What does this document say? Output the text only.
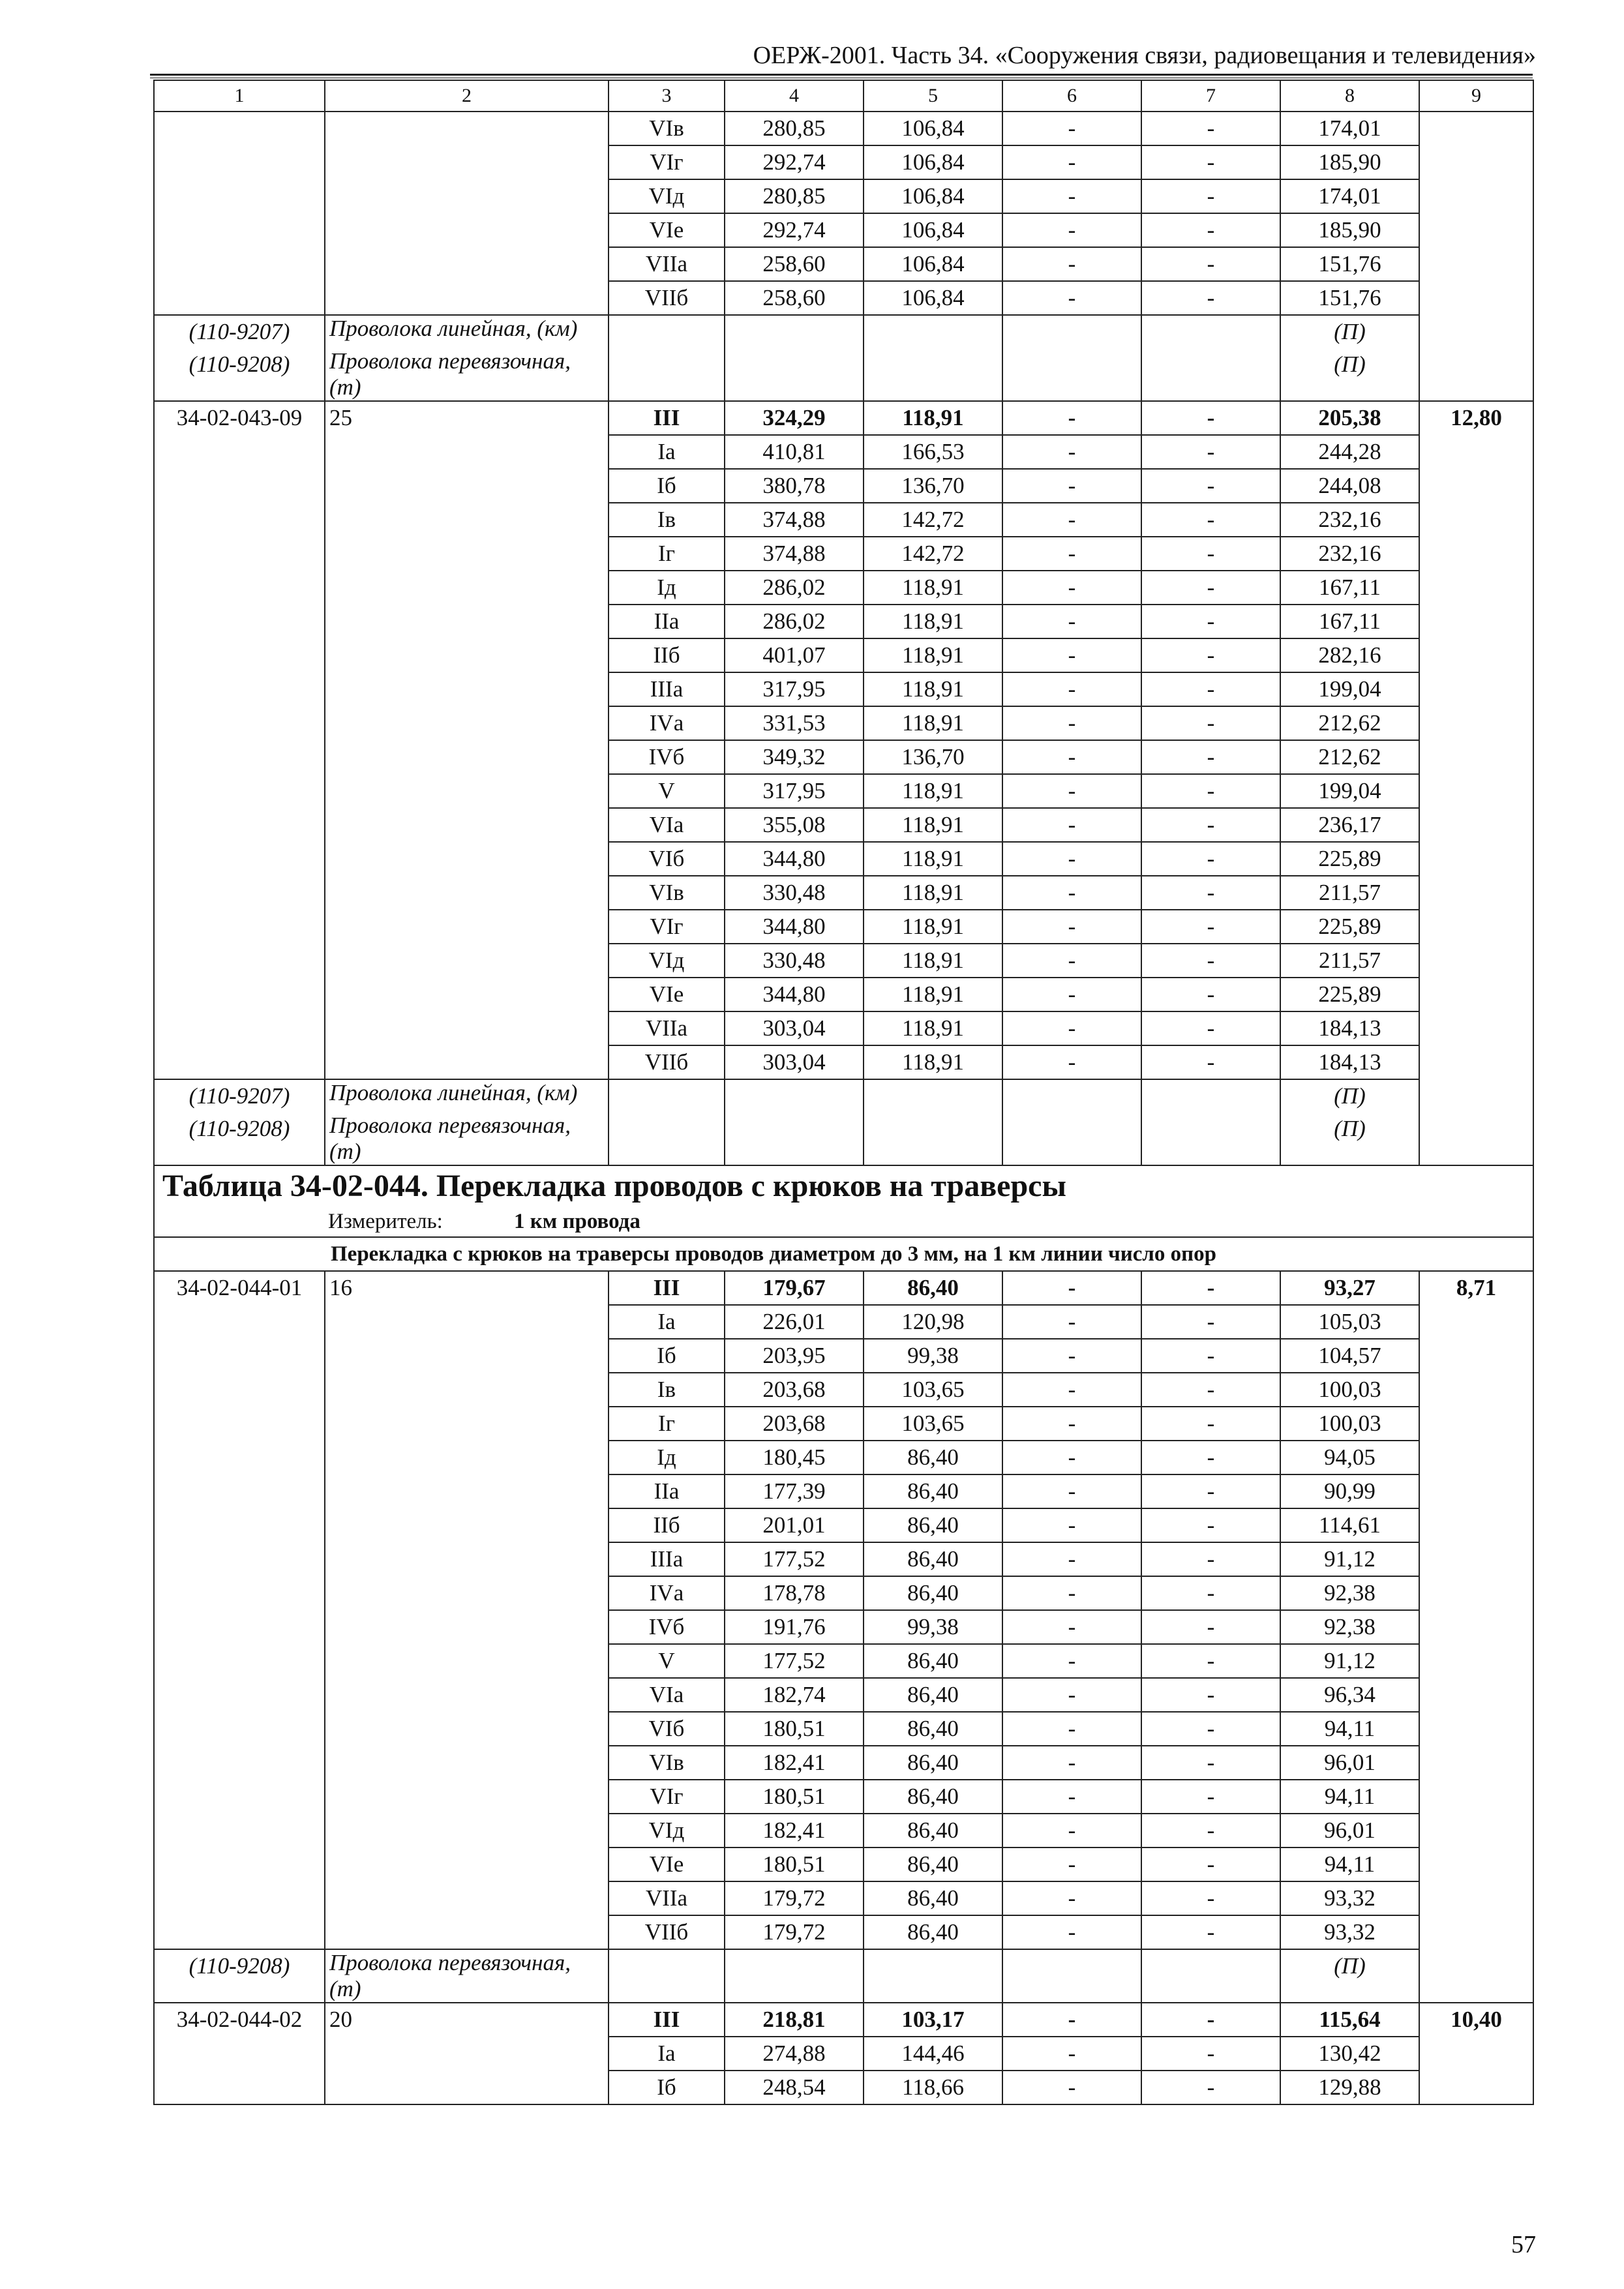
ОЕРЖ-2001. Часть 34. «Сооружения связи, радиовещания и телевидения»
1	2	3	4	5	6	7	8	9
		VIв	280,85	106,84	-	-	174,01	
		VIг	292,74	106,84	-	-	185,90	
		VIд	280,85	106,84	-	-	174,01	
		VIе	292,74	106,84	-	-	185,90	
		VIIа	258,60	106,84	-	-	151,76	
		VIIб	258,60	106,84	-	-	151,76	
(110-9207)	Проволока линейная, (км)						(П)	
(110-9208)	Проволока перевязочная, (т)						(П)	
34-02-043-09	25	III	324,29	118,91	-	-	205,38	12,80
		Iа	410,81	166,53	-	-	244,28	
		Iб	380,78	136,70	-	-	244,08	
		Iв	374,88	142,72	-	-	232,16	
		Iг	374,88	142,72	-	-	232,16	
		Iд	286,02	118,91	-	-	167,11	
		IIа	286,02	118,91	-	-	167,11	
		IIб	401,07	118,91	-	-	282,16	
		IIIа	317,95	118,91	-	-	199,04	
		IVа	331,53	118,91	-	-	212,62	
		IVб	349,32	136,70	-	-	212,62	
		V	317,95	118,91	-	-	199,04	
		VIа	355,08	118,91	-	-	236,17	
		VIб	344,80	118,91	-	-	225,89	
		VIв	330,48	118,91	-	-	211,57	
		VIг	344,80	118,91	-	-	225,89	
		VIд	330,48	118,91	-	-	211,57	
		VIе	344,80	118,91	-	-	225,89	
		VIIа	303,04	118,91	-	-	184,13	
		VIIб	303,04	118,91	-	-	184,13	
(110-9207)	Проволока линейная, (км)						(П)	
(110-9208)	Проволока перевязочная, (т)						(П)	
Таблица 34-02-044. Перекладка проводов с крюков на траверсы								
Измеритель: 1 км провода								
Перекладка с крюков на траверсы проводов диаметром до 3 мм, на 1 км линии число опор								
34-02-044-01	16	III	179,67	86,40	-	-	93,27	8,71
		Iа	226,01	120,98	-	-	105,03	
		Iб	203,95	99,38	-	-	104,57	
		Iв	203,68	103,65	-	-	100,03	
		Iг	203,68	103,65	-	-	100,03	
		Iд	180,45	86,40	-	-	94,05	
		IIа	177,39	86,40	-	-	90,99	
		IIб	201,01	86,40	-	-	114,61	
		IIIа	177,52	86,40	-	-	91,12	
		IVа	178,78	86,40	-	-	92,38	
		IVб	191,76	99,38	-	-	92,38	
		V	177,52	86,40	-	-	91,12	
		VIа	182,74	86,40	-	-	96,34	
		VIб	180,51	86,40	-	-	94,11	
		VIв	182,41	86,40	-	-	96,01	
		VIг	180,51	86,40	-	-	94,11	
		VIд	182,41	86,40	-	-	96,01	
		VIе	180,51	86,40	-	-	94,11	
		VIIа	179,72	86,40	-	-	93,32	
		VIIб	179,72	86,40	-	-	93,32	
(110-9208)	Проволока перевязочная, (т)						(П)	
34-02-044-02	20	III	218,81	103,17	-	-	115,64	10,40
		Iа	274,88	144,46	-	-	130,42	
		Iб	248,54	118,66	-	-	129,88	
57
